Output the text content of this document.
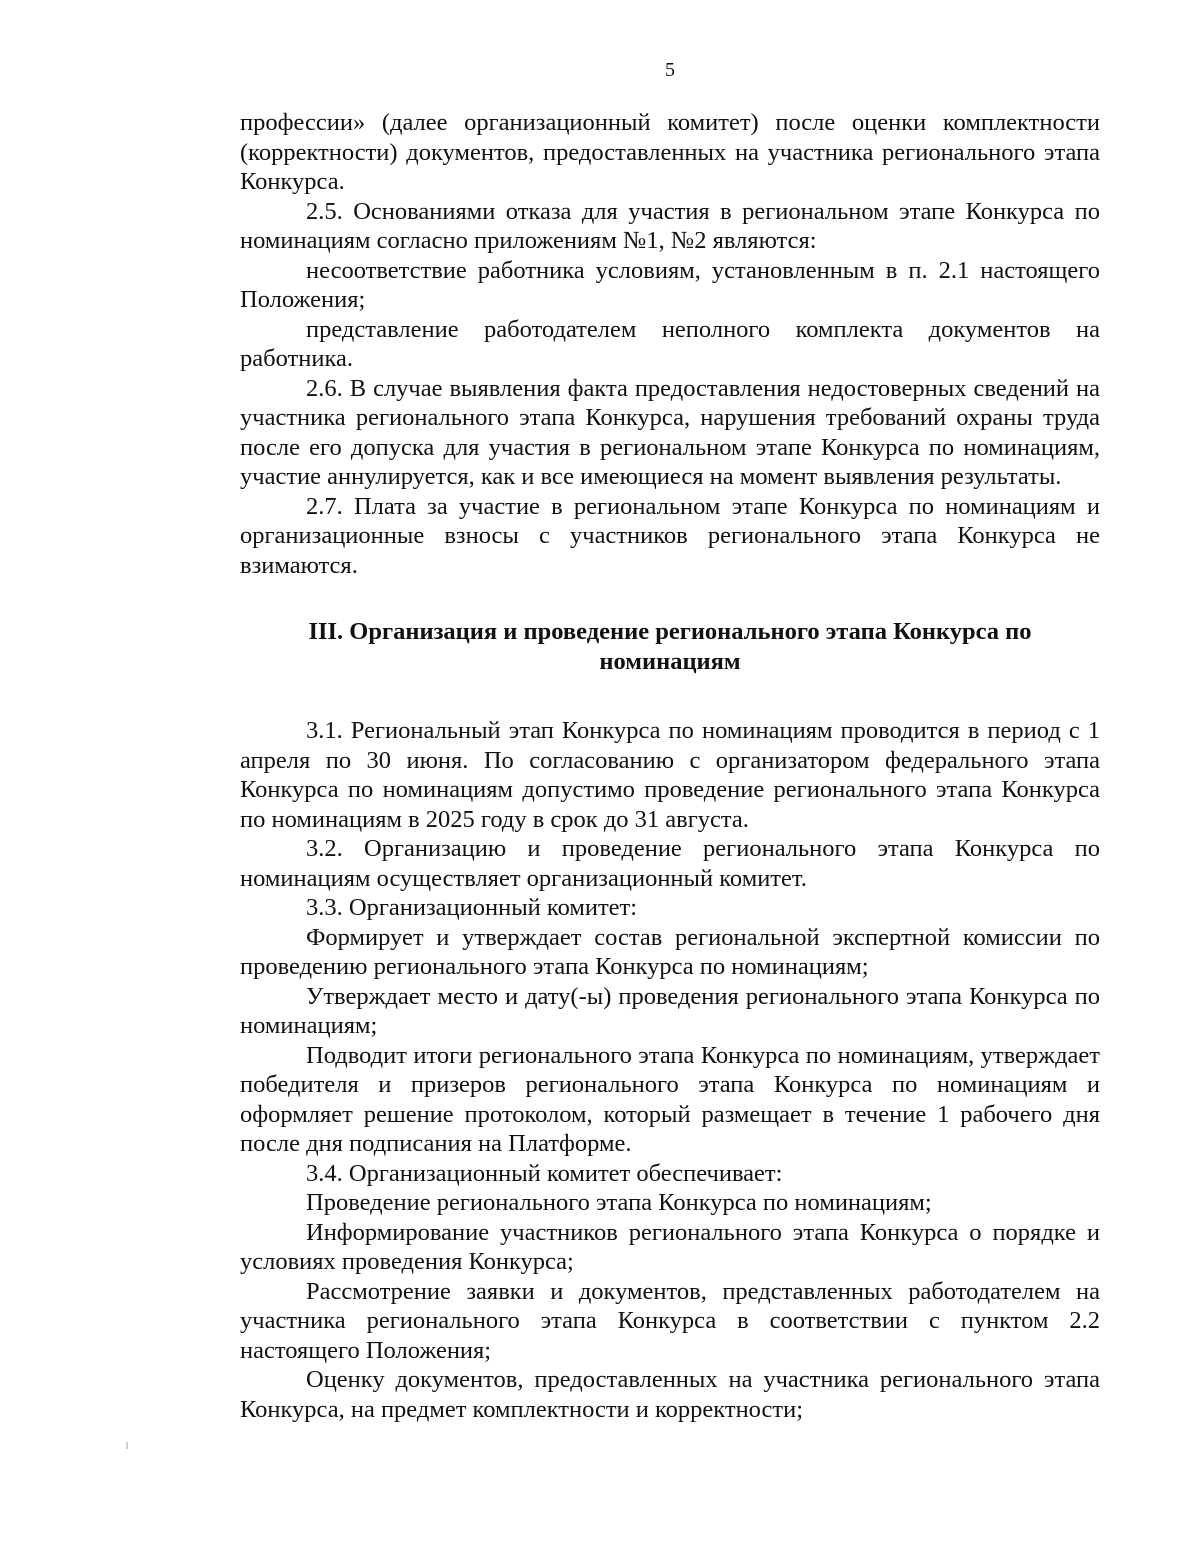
5

профессии» (далее организационный комитет) после оценки комплектности (корректности) документов, предоставленных на участника регионального этапа Конкурса.

2.5. Основаниями отказа для участия в региональном этапе Конкурса по номинациям согласно приложениям №1, №2 являются:

несоответствие работника условиям, установленным в п. 2.1 настоящего Положения;

представление работодателем неполного комплекта документов на работника.

2.6. В случае выявления факта предоставления недостоверных сведений на участника регионального этапа Конкурса, нарушения требований охраны труда после его допуска для участия в региональном этапе Конкурса по номинациям, участие аннулируется, как и все имеющиеся на момент выявления результаты.

2.7. Плата за участие в региональном этапе Конкурса по номинациям и организационные взносы с участников регионального этапа Конкурса не взимаются.

III. Организация и проведение регионального этапа Конкурса по

номинациям

3.1. Региональный этап Конкурса по номинациям проводится в период с 1 апреля по 30 июня. По согласованию с организатором федерального этапа Конкурса по номинациям допустимо проведение регионального этапа Конкурса по номинациям в 2025 году в срок до 31 августа.

3.2. Организацию и проведение регионального этапа Конкурса по номинациям осуществляет организационный комитет.

3.3. Организационный комитет:

Формирует и утверждает состав региональной экспертной комиссии по проведению регионального этапа Конкурса по номинациям;

Утверждает место и дату(-ы) проведения регионального этапа Конкурса по номинациям;

Подводит итоги регионального этапа Конкурса по номинациям, утверждает победителя и призеров регионального этапа Конкурса по номинациям и оформляет решение протоколом, который размещает в течение 1 рабочего дня после дня подписания на Платформе.

3.4. Организационный комитет обеспечивает:

Проведение регионального этапа Конкурса по номинациям;

Информирование участников регионального этапа Конкурса о порядке и условиях проведения Конкурса;

Рассмотрение заявки и документов, представленных работодателем на участника регионального этапа Конкурса в соответствии с пунктом 2.2 настоящего Положения;

Оценку документов, предоставленных на участника регионального этапа Конкурса, на предмет комплектности и корректности;
